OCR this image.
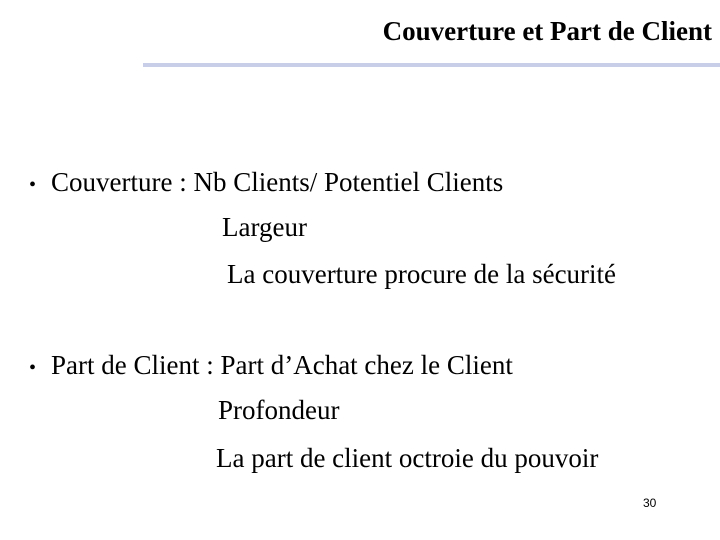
Couverture et Part de Client
• Couverture : Nb Clients/ Potentiel Clients
Largeur
La couverture procure de la sécurité
• Part de Client : Part d’Achat chez le Client
Profondeur
La part de client octroie du pouvoir
30
